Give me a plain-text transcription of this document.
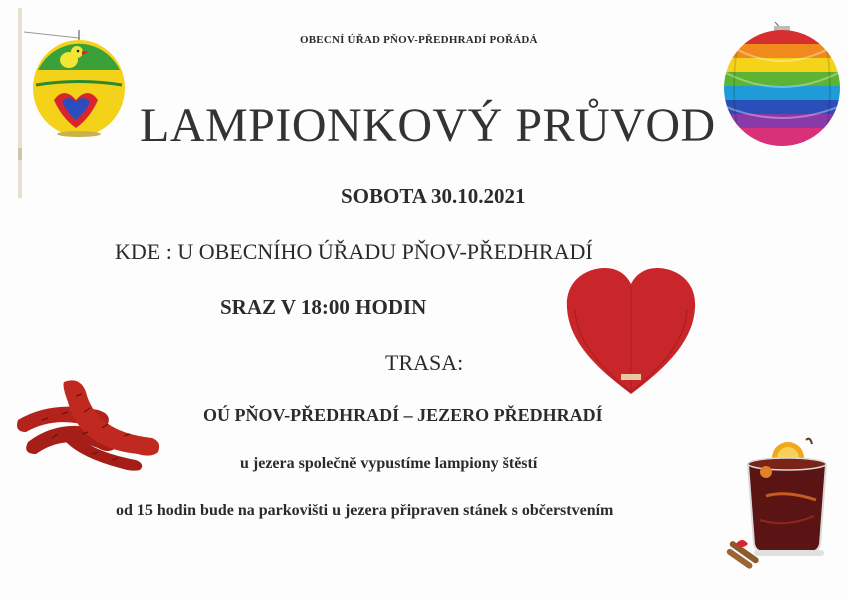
OBECNÍ ÚŘAD PŇOV-PŘEDHRADÍ POŘÁDÁ
LAMPIONKOVÝ PRŮVOD
SOBOTA 30.10.2021
KDE : U OBECNÍHO ÚŘADU PŇOV-PŘEDHRADÍ
SRAZ V 18:00 HODIN
TRASA:
OÚ PŇOV-PŘEDHRADÍ – JEZERO PŘEDHRADÍ
u jezera společně vypustíme lampiony štěstí
od 15 hodin bude na parkovišti u jezera připraven stánek s občerstvením
